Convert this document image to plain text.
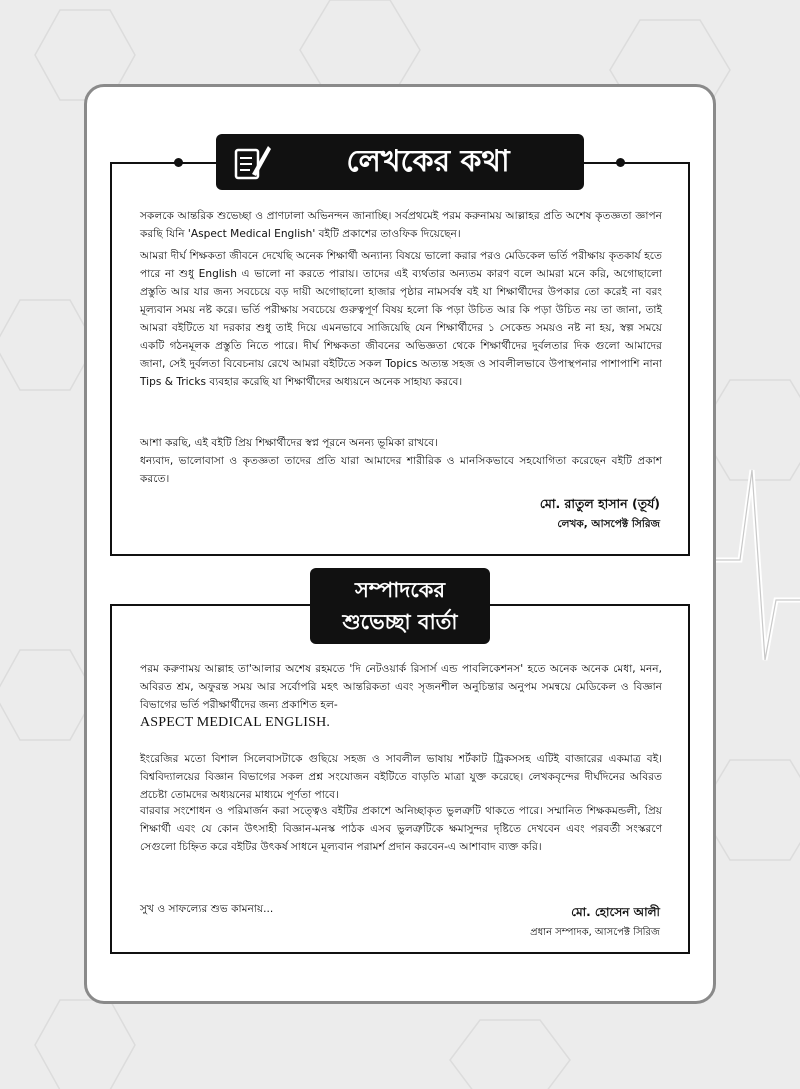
লেখকের কথা

সকলকে আন্তরিক শুভেচ্ছা ও প্রাণঢালা অভিনন্দন জানাচ্ছি। সর্বপ্রথমেই পরম করুনাময় আল্লাহর প্রতি অশেষ কৃতজ্ঞতা জ্ঞাপন করছি যিনি 'Aspect Medical English' বইটি প্রকাশের তাওফিক দিয়েছেন।

আমরা দীর্ঘ শিক্ষকতা জীবনে দেখেছি অনেক শিক্ষার্থী অন্যান্য বিষয়ে ভালো করার পরও মেডিকেল ভর্তি পরীক্ষায় কৃতকার্য হতে পারে না শুধু English এ ভালো না করতে পারায়। তাদের এই ব্যর্থতার অন্যতম কারণ বলে আমরা মনে করি, অগোছালো প্রস্তুতি আর যার জন্য সবচেয়ে বড় দায়ী অগোছালো হাজার পৃষ্ঠার নামসর্বস্ব বই যা শিক্ষার্থীদের উপকার তো করেই না বরং মূল্যবান সময় নষ্ট করে। ভর্তি পরীক্ষায় সবচেয়ে গুরুত্বপূর্ণ বিষয় হলো কি পড়া উচিত আর কি পড়া উচিত নয় তা জানা, তাই আমরা বইটিতে যা দরকার শুধু তাই দিয়ে এমনভাবে সাজিয়েছি যেন শিক্ষার্থীদের ১ সেকেন্ড সময়ও নষ্ট না হয়, স্বল্প সময়ে একটি গঠনমূলক প্রস্তুতি নিতে পারে। দীর্ঘ শিক্ষকতা জীবনের অভিজ্ঞতা থেকে শিক্ষার্থীদের দুর্বলতার দিক গুলো আমাদের জানা, সেই দুর্বলতা বিবেচনায় রেখে আমরা বইটিতে সকল Topics অত্যন্ত সহজ ও সাবলীলভাবে উপাস্থপনার পাশাপাশি নানা Tips & Tricks ব্যবহার করেছি যা শিক্ষার্থীদের অধ্যয়নে অনেক সাহায্য করবে।

আশা করছি, এই বইটি প্রিয় শিক্ষার্থীদের স্বপ্ন পূরনে অনন্য ভূমিকা রাখবে।

ধন্যবাদ, ভালোবাসা ও কৃতজ্ঞতা তাদের প্রতি যারা আমাদের শারীরিক ও মানসিকভাবে সহযোগিতা করেছেন বইটি প্রকাশ করতে।

মো. রাতুল হাসান (তূর্য)
লেখক, আসপেক্ট সিরিজ
সম্পাদকের
শুভেচ্ছা বার্তা

পরম করুণাময় আল্লাহ তা'আলার অশেষ রহমতে 'দি নেটওয়ার্ক রিসার্স এন্ড পাবলিকেশনস' হতে অনেক অনেক মেধা, মনন, অবিরত শ্রম, অফুরন্ত সময় আর সর্বোপরি মহৎ আন্তরিকতা এবং সৃজনশীল অনুচিন্তার অনুপম সমন্বয়ে মেডিকেল ও বিজ্ঞান বিভাগের ভর্তি পরীক্ষার্থীদের জন্য প্রকাশিত হল-

ASPECT MEDICAL ENGLISH.

ইংরেজির মতো বিশাল সিলেবাসটাকে গুছিয়ে সহজ ও সাবলীল ভাষায় শর্টকাট ট্রিকসসহ এটিই বাজারের একমাত্র বই। বিশ্ববিদ্যালয়ের বিজ্ঞান বিভাগের সকল প্রশ্ন সংযোজন বইটিতে বাড়তি মাত্রা যুক্ত করেছে। লেখকবৃন্দের দীর্ঘদিনের অবিরত প্রচেষ্টা তোমদের অধ্যয়নের মাধ্যমে পূর্ণতা পাবে।

বারবার সংশোধন ও পরিমার্জন করা সত্ত্বেও বইটির প্রকাশে অনিচ্ছাকৃত ভুলত্রুটি থাকতে পারে। সম্মানিত শিক্ষকমন্ডলী, প্রিয় শিক্ষার্থী এবং যে কোন উৎসাহী বিজ্ঞান-মনস্ক পাঠক এসব ভুলত্রুটিকে ক্ষমাসুন্দর দৃষ্টিতে দেখবেন এবং পরবর্তী সংস্করণে সেগুলো চিহ্নিত করে বইটির উৎকর্ষ সাধনে মূল্যবান পরামর্শ প্রদান করবেন-এ আশাবাদ ব্যক্ত করি।

সুখ ও সাফল্যের শুভ কামনায়...	মো. হোসেন আলী
প্রধান সম্পাদক, আসপেক্ট সিরিজ
